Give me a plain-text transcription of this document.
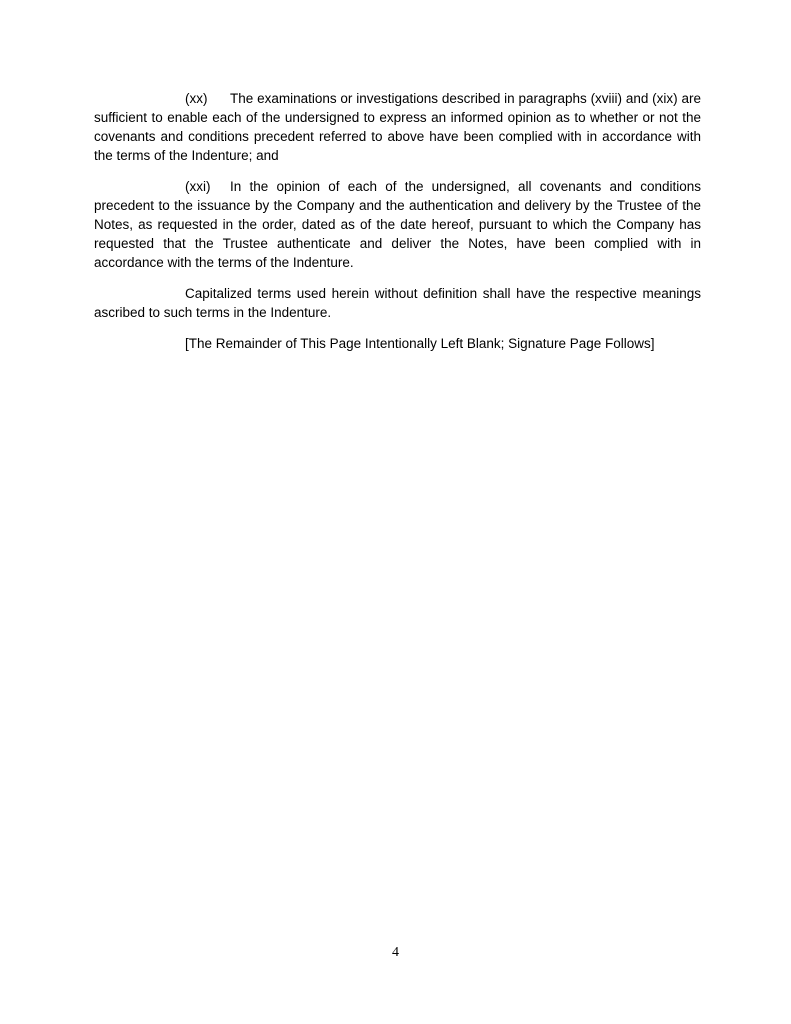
(xx) The examinations or investigations described in paragraphs (xviii) and (xix) are sufficient to enable each of the undersigned to express an informed opinion as to whether or not the covenants and conditions precedent referred to above have been complied with in accordance with the terms of the Indenture; and

(xxi) In the opinion of each of the undersigned, all covenants and conditions precedent to the issuance by the Company and the authentication and delivery by the Trustee of the Notes, as requested in the order, dated as of the date hereof, pursuant to which the Company has requested that the Trustee authenticate and deliver the Notes, have been complied with in accordance with the terms of the Indenture.

Capitalized terms used herein without definition shall have the respective meanings ascribed to such terms in the Indenture.

[The Remainder of This Page Intentionally Left Blank; Signature Page Follows]

4
